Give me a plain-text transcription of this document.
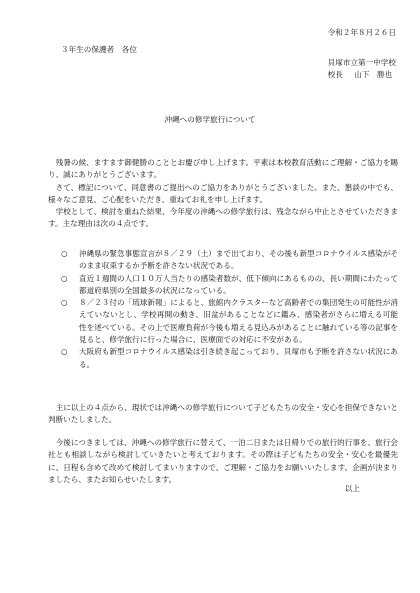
令和２年８月２６日
３年生の保護者　各位
貝塚市立第一中学校
校長   山下　勝也
沖縄への修学旅行について

残暑の候、ますます御健勝のこととお慶び申し上げます。平素は本校教育活動にご理解・ご協力を賜り、誠にありがとうございます。

さて、標記について、同意書のご提出へのご協力をありがとうございました。また、懇談の中でも、様々なご意見、ご心配をいただき、重ねてお礼を申し上げます。

学校として、検討を重ねた結果、今年度の沖縄への修学旅行は、残念ながら中止とさせていただきます。主な理由は次の４点です。

○ 沖縄県の緊急事態宣言が８／２９（土）まで出ており、その後も新型コロナウイルス感染がそのまま収束するか予断を許さない状況である。
○ 直近１週間の人口１０万人当たりの感染者数が、低下傾向にあるものの、長い期間にわたって都道府県別の全国最多の状況になっている。
○ ８／２３付の「琉球新報」によると、旅館内クラスターなど高齢者での集団発生の可能性が消えていないとし、学校再開の動き、旧盆があることなどに鑑み、感染者がさらに増える可能性を述べている。その上で医療負荷が今後も増える見込みがあることに触れている等の記事を見ると、修学旅行に行った場合に、医療面での対応に不安がある。
○ 大阪府も新型コロナウイルス感染は引き続き起こっており、貝塚市も予断を許さない状況にある。

主に以上の４点から、現状では沖縄への修学旅行について子どもたちの安全・安心を担保できないと判断いたしました。

今後につきましては、沖縄への修学旅行に替えて、一泊二日または日帰りでの旅行的行事を、旅行会社とも相談しながら検討していきたいと考えております。その際は子どもたちの安全・安心を最優先に、日程も含めて改めて検討してまいりますので、ご理解・ご協力をお願いいたします。企画が決まりましたら、またお知らせいたします。

以上
